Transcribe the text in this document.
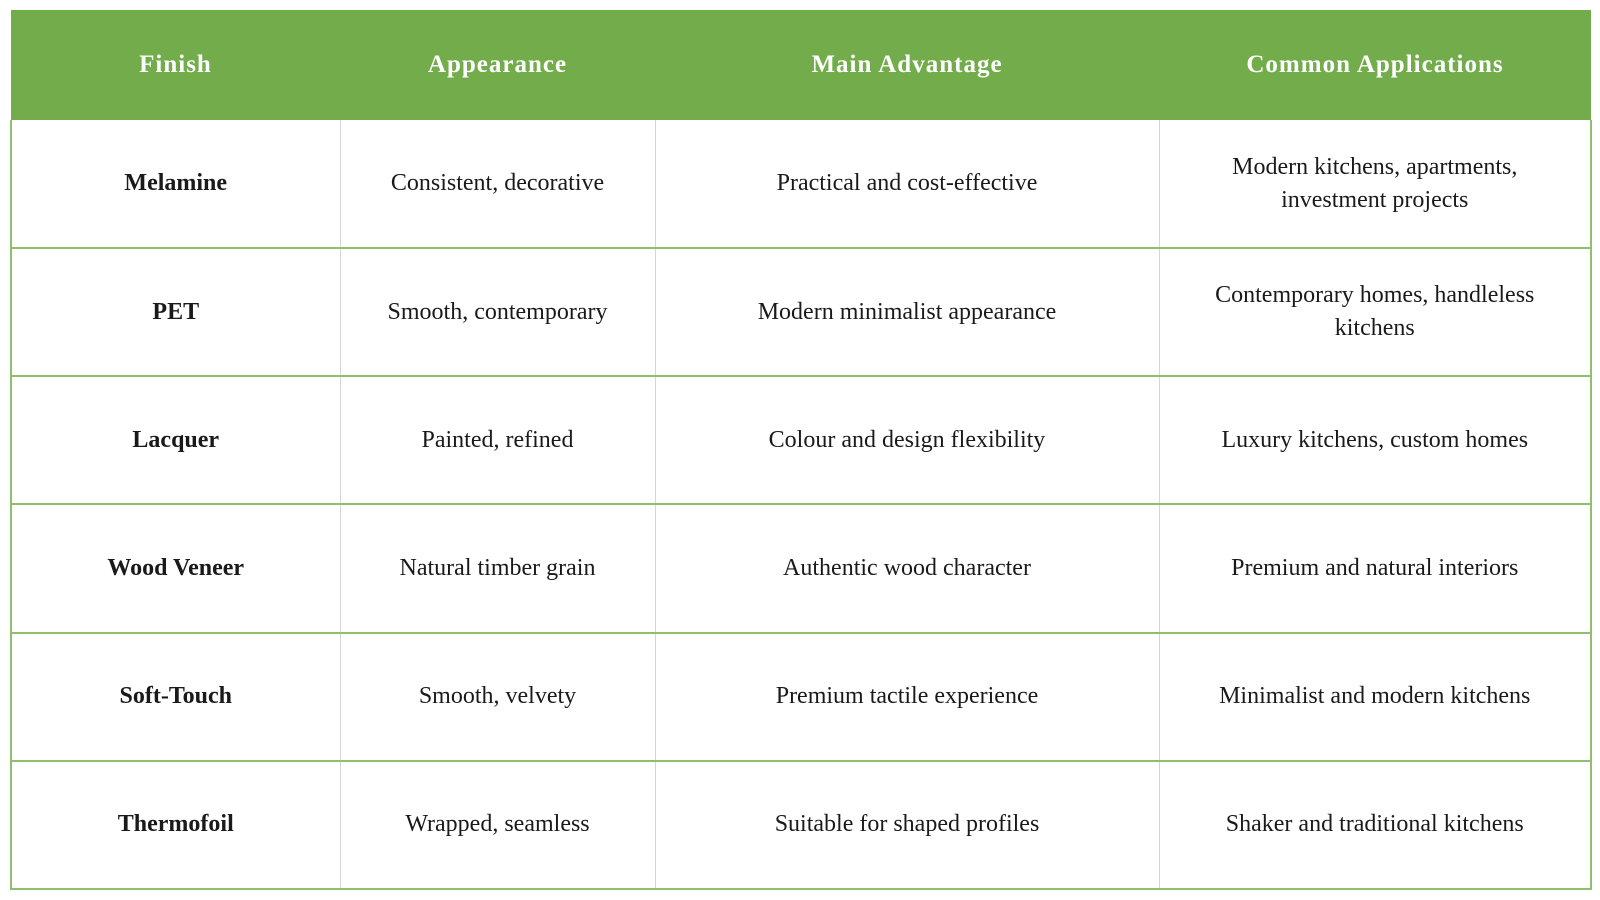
Finish	Appearance	Main Advantage	Common Applications
Melamine	Consistent, decorative	Practical and cost-effective	Modern kitchens, apartments, investment projects
PET	Smooth, contemporary	Modern minimalist appearance	Contemporary homes, handleless kitchens
Lacquer	Painted, refined	Colour and design flexibility	Luxury kitchens, custom homes
Wood Veneer	Natural timber grain	Authentic wood character	Premium and natural interiors
Soft-Touch	Smooth, velvety	Premium tactile experience	Minimalist and modern kitchens
Thermofoil	Wrapped, seamless	Suitable for shaped profiles	Shaker and traditional kitchens
